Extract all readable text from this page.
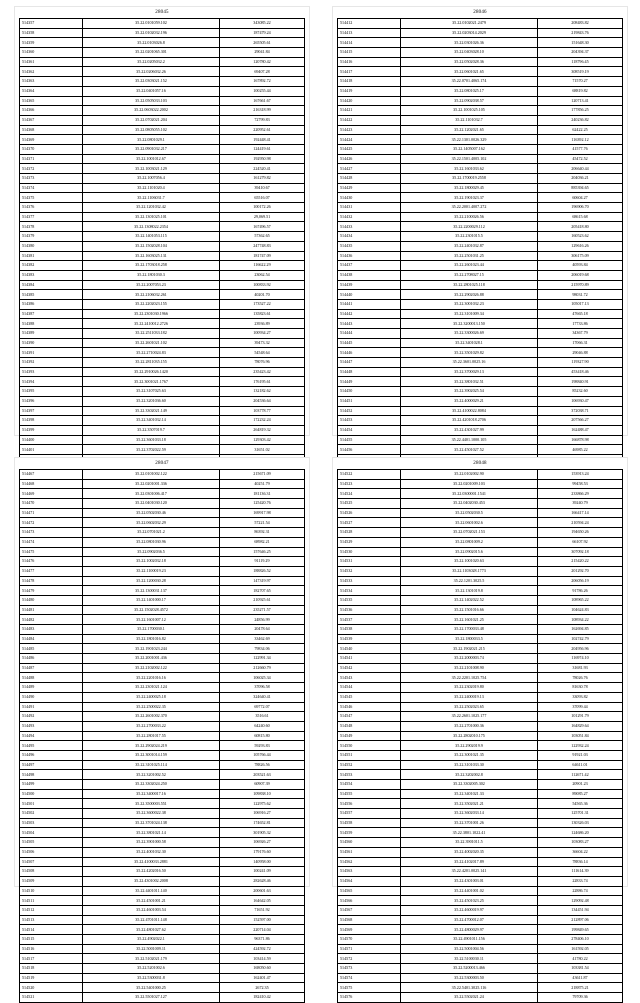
28045
514357	35.22.0101059.102	343085.22
514358	35.22.0102032.196	187479.24
514359	35.22.0103026.8	265505.61
514360	35.22.0201065.301	29041.84
514361	35.22.0205032.2	120780.42
514362	35.22.0206032.26	69407.28
514363	35.22.0303021.152	167892.72
514364	35.22.0401057.16	100255.44
514365	35.22.0505033.103	167661.67
514366	35.22.0603022.2002	216318.99
514367	35.22.0702021.204	72799.83
514368	35.22.0805055.102	220952.61
514369	35.22.0801029.1	192448.41
514370	35.22.0901032.217	124419.61
514371	35.22.1001012.67	192950.98
514372	35.22.1003021.129	224520.41
514373	35.22.1007056.4	161279.82
514374	35.22.1101020.4	39410.67
514375	35.22.1106031.7	65516.07
514376	35.22.1201032.42	100172.26
514377	35.22.1301025.101	29,069.51
514378	35.22.1308022.2354	167496.57
514379	35.22.1401053.115	57362.65
514380	35.22.1502028.104	247748.83
514381	35.22.1603025.131	181747.09
514382	35.22.1703018.258	116622.29
514383	35.22.1801030.3	23062.54
514384	35.22.2007053.23	100833.92
514385	35.22.2106032.261	40201.70
514386	35.22.2202023.155	173527.22
514387	35.22.2301030.1966	135823.61
514388	35.22.2410012.2726	23936.89
514389	35.22.2511033.182	100934.27
514390	35.22.2601021.102	39473.32
514391	35.22.2710024.83	54548.64
514392	35.22.2811035.155	78076.96
514393	35.22.2910026.1420	235423.42
514394	35.22.3001021.1767	176195.61
514395	35.22.3107025.63	132182.62
514396	35.22.3201036.60	204536.64
514397	35.22.3302021.149	103778.77
514398	35.22.3401032.14	172232.24
514399	35.22.3507019.7	264819.32
514400	35.22.3601033.18	129303.42
514401	35.22.3702022.59	31651.02

28046
514412	35.22.0102021.2479	208483.82
514413	35.22.0203014.2029	219843.76
514414	35.22.0301026.36	151648.30
514415	35.22.0403028.10	204394.37
514416	35.22.0502028.36	118796.45
514417	35.22.0601021.65	308519.19
514418	35.22.0701.4065.174	71570.27
514419	35.22.0801025.17	68819.82
514420	35.22.0902038.57	120713.41
514421	35.22.1001025.105	177856.25
514422	35.22.1101032.7	240236.82
514423	35.22.1202021.65	62422.25
514424	35.22.1301.0026.329	116392.12
514425	35.22.1405007.162	41577.76
514426	35.22.1501.4005.102	45472.52
514427	35.22.1601033.62	206640.44
514428	35.22.1700019.2558	204036.21
514429	35.22.1800029.45	885394.65
514430	35.22.1901023.37	60604.27
514431	35.22.2001.4007.272	196906.70
514432	35.22.2100026.56	68615.68
514433	35.22.2200029.112	205418.80
514434	35.22.2301015.5	160523.62
514435	35.22.2401032.87	129616.26
514436	35.22.2501031.25	306175.09
514437	35.22.2601023.44	40593.84
514438	35.22.2708027.15	206019.68
514439	35.22.2801025.118	215970.89
514440	35.22.2902026.88	98031.72
514441	35.22.3001032.23	105017.13
514442	35.22.3101009.34	47665.18
514443	35.22.3200013.150	17733.86
514444	35.22.3300026.69	34367.79
514445	35.22.3401028.1	17066.31
514446	35.22.3501029.82	29046.88
514447	35.22.3601.0025.16	119327.90
514448	35.22.3700029.13	453418.46
514449	35.22.3801032.51	198840.91
514450	35.22.3902025.54	85232.60
514451	35.22.4000029.21	106930.47
514452	35.22.4100022.8084	372038.71
514453	35.22.4201018.2706	207566.27
514454	35.22.4301027.99	162488.47
514455	35.22.4401.1000.105	166878.98
514456	35.22.4501027.52	46985.22

28047
514467	35.22.0101002.122	215671.09
514468	35.22.0201001.336	40251.79
514469	35.22.0301006.417	181136.31
514470	35.22.0401030.120	125420.76
514471	35.22.0502030.46	169917.98
514472	35.22.0602032.29	57221.54
514473	35.22.0701021.2	86392.31
514474	35.22.0801030.96	68982.21
514475	35.22.0902036.5	157646.25
514476	35.22.1002032.18	91119.29
514477	35.22.1100019.23	188826.52
514478	35.22.1200030.28	147319.97
514479	35.22.1300031.137	182707.65
514480	35.22.1401000.17	210925.61
514481	35.22.1502028.4572	235271.57
514482	35.22.1601007.12	24856.99
514483	35.22.1700030.1	20478.64
514484	35.22.1801016.82	33462.69
514485	35.22.1901023.244	79834.06
514486	35.22.2001001.436	122991.34
514487	35.22.2102002.122	212660.79
514488	35.22.2201016.16	106025.34
514489	35.22.2301021.124	37096.58
514490	35.22.2400025.18	324640.41
514491	35.22.2500022.35	69772.07
514492	35.22.2601002.370	3516.61
514493	35.22.2700033.22	64240.60
514494	35.22.2801017.55	60815.80
514495	35.22.2902024.219	59293.83
514496	35.22.3001014.159	105766.44
514497	35.22.3101025.114	78826.56
514498	35.22.3201002.52	203521.63
514499	35.22.3302024.250	60907.39
514500	35.22.3400017.16	109838.10
514501	35.22.3500003.551	122975.62
514502	35.22.3600022.38	106916.27
514503	35.22.3701024.138	174652.81
514504	35.22.3801021.14	301905.32
514505	35.22.3901000.58	106926.27
514506	35.22.4001032.30	179176.60
514507	35.22.4100033.2881	140958.00
514508	35.22.4202016.50	100241.09
514509	35.22.4301002.2008	282628.46
514510	35.22.4401011.140	200601.63
514511	35.22.4501001.21	164642.05
514512	35.22.4601003.54	71651.92
514513	35.22.4701011.148	152597.00
514514	35.22.4801027.62	220714.04
514515	35.22.4902022.1	96371.86
514516	35.22.5001009.11	424592.72
514517	35.22.5102021.179	103414.59
514518	35.22.5201002.6	168050.60
514519	35.22.5300031.8	162401.47
514520	35.22.5401000.25	2672.35
514521	35.22.5501027.127	182410.42
28048
514522	35.22.0102002.90	153913.24
514523	35.22.0201009.103	99458.53
514524	35.22.0300001.1541	233866.29
514525	35.22.0402030.453	39240.79
514526	35.22.0502030.5	166417.14
514527	35.22.0601002.6	210594.24
514528	35.22.0702021.153	194650.26
514529	35.22.0801009.2	66107.92
514530	35.22.0902015.6	307092.18
514531	35.22.1001020.63	215420.22
514532	35.22.1103028.1773	201292.70
514533	35.22.1201.3025.5	206056.19
514534	35.22.1301019.8	91786.26
514535	35.22.1402022.52	108965.22
514536	35.22.1501016.66	104624.83
514537	35.22.1601021.25	108934.22
514538	35.22.1700033.48	162694.85
514539	35.22.1800033.5	102742.79
514540	35.22.1902021.215	204956.96
514541	35.22.2000003.74	116974.10
514542	35.22.2101008.90	31681.93
514543	35.22.2201.1025.754	78026.76
514544	35.22.2302019.80	81630.78
514545	35.22.2400019.13	33093.82
514546	35.22.2502023.65	37099.44
514547	35.22.2601.1025.177	101291.79
514548	35.22.2701000.36	164829.64
514549	35.22.2802010.175	103051.84
514550	35.22.2902019.9	122932.24
514551	35.22.3001021.35	91921.03
514552	35.22.3101033.30	64611.01
514553	35.22.3202002.8	112671.42
514554	35.22.3302005.302	20901.23
514555	35.22.3401021.33	89085.27
514556	35.22.3502021.21	54565.36
514557	35.22.3602033.14	125701.31
514558	35.22.3701001.26	130326.03
514559	35.22.3801.1022.41	124686.20
514560	35.22.3901011.5	103083.27
514561	35.22.4002020.35	36604.22
514562	35.22.4102017.89	78836.14
514563	35.22.4201.0025.141	111614.39
514564	35.22.4301003.01	22833.74
514565	35.22.4401001.02	22886.74
514566	35.22.4501023.25	129092.48
514567	35.22.4600019.97	134451.94
514568	35.22.4700012.07	212897.06
514569	35.22.4800029.97	199849.65
514570	35.22.4901011.156	278406.10
514571	35.22.5001004.56	161592.05
514572	35.22.5100030.11	41780.22
514573	35.22.5200013.466	103381.54
514574	35.22.5300003.50	43611.87
514575	35.22.5401.3025.116	218875.21
514576	35.22.5502021.24	79709.36
